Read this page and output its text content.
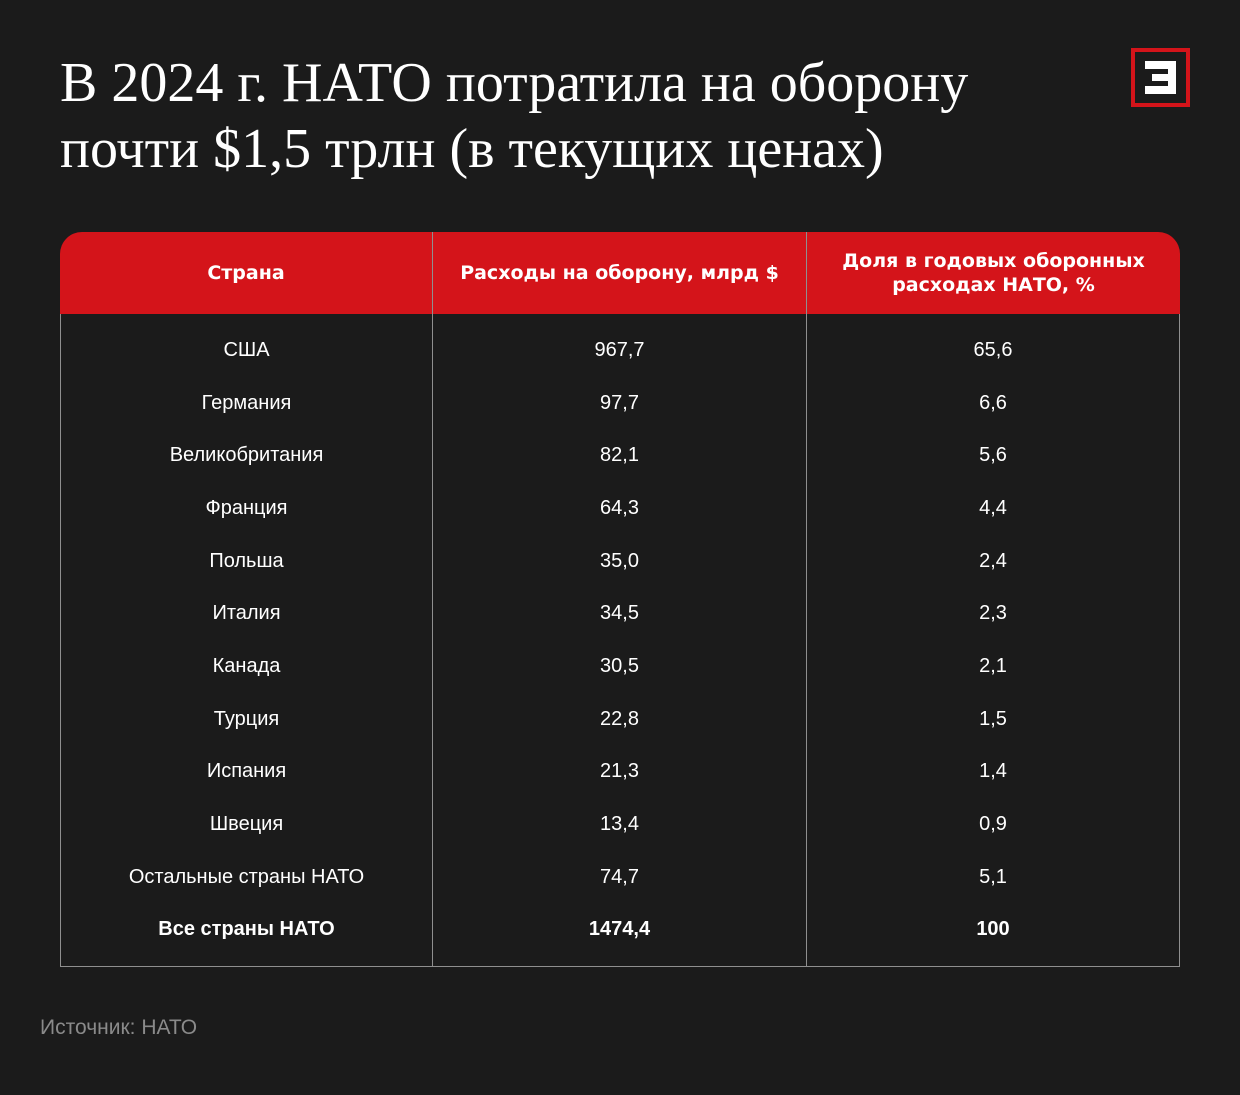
В 2024 г. НАТО потратила на оборону
почти $1,5 трлн (в текущих ценах)
Страна	Расходы на оборону, млрд $	Доля в годовых оборонных расходах НАТО, %
США	967,7	65,6
Германия	97,7	6,6
Великобритания	82,1	5,6
Франция	64,3	4,4
Польша	35,0	2,4
Италия	34,5	2,3
Канада	30,5	2,1
Турция	22,8	1,5
Испания	21,3	1,4
Швеция	13,4	0,9
Остальные страны НАТО	74,7	5,1
Все страны НАТО	1474,4	100
Источник: НАТО
